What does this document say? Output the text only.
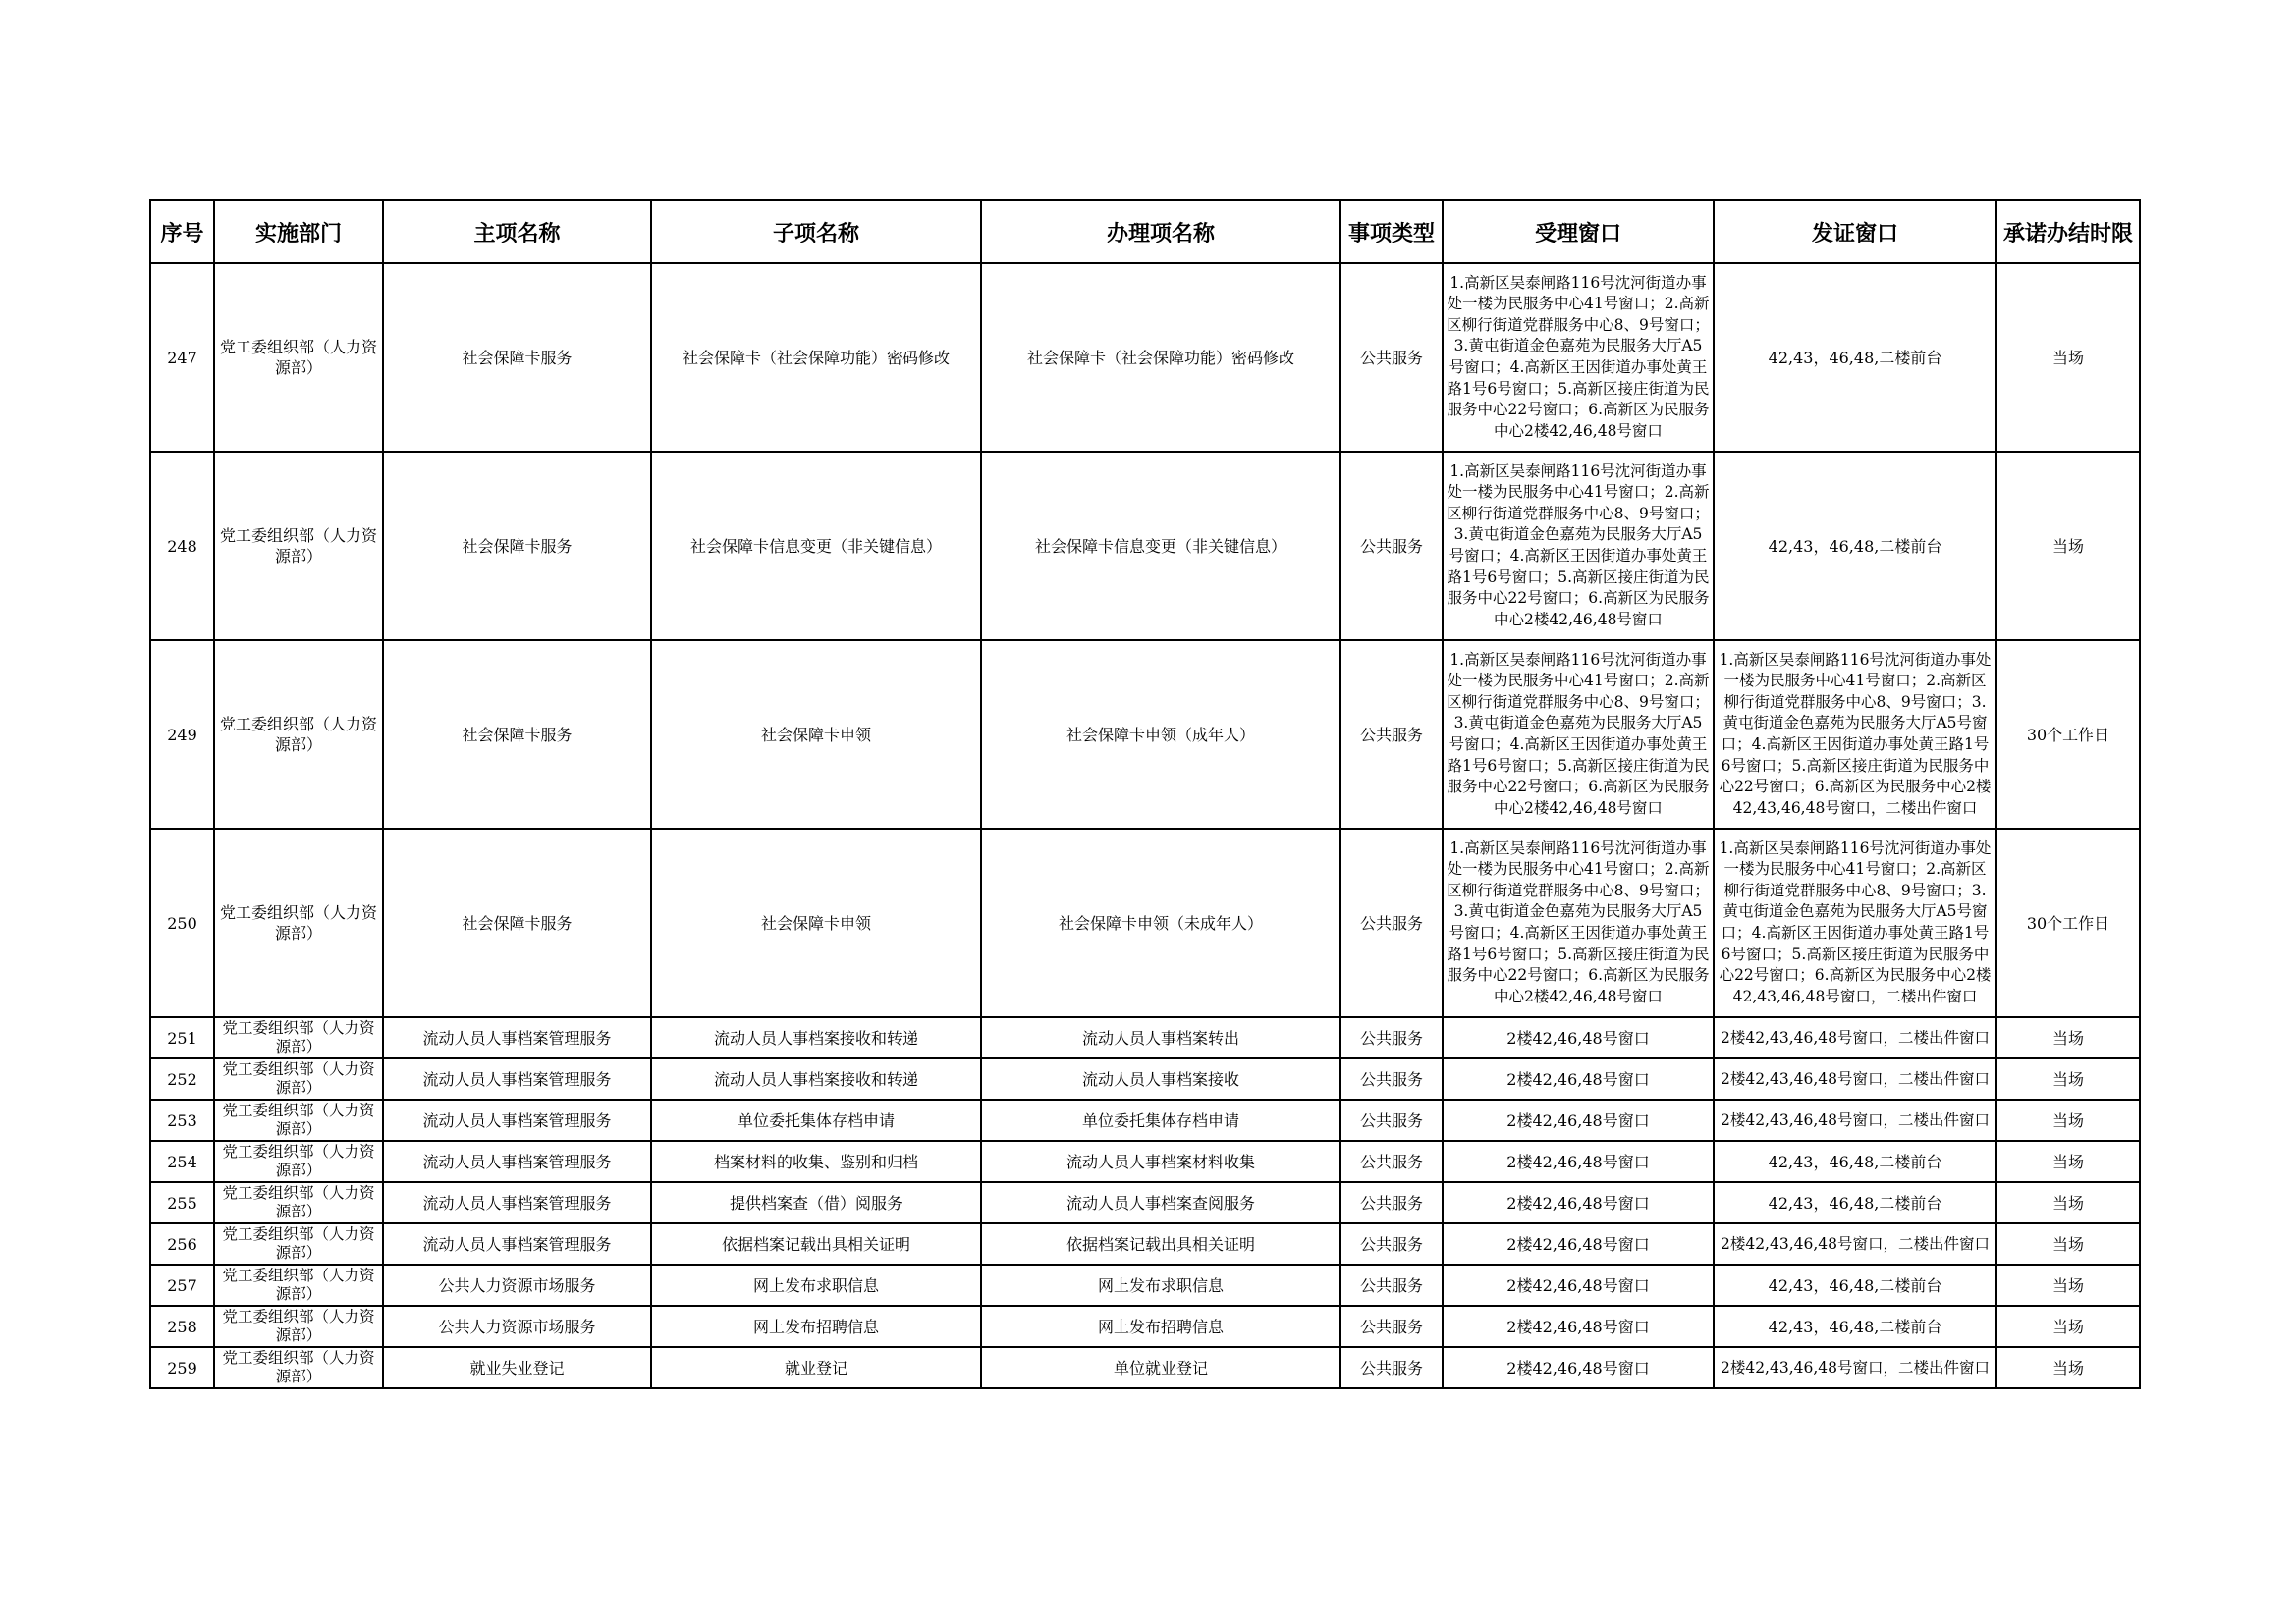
序号	实施部门	主项名称	子项名称	办理项名称	事项类型	受理窗口	发证窗口	承诺办结时限
247	党工委组织部（人力资源部）	社会保障卡服务	社会保障卡（社会保障功能）密码修改	社会保障卡（社会保障功能）密码修改	公共服务	1.高新区吴泰闸路116号沈河街道办事处一楼为民服务中心41号窗口；2.高新区柳行街道党群服务中心8、9号窗口；3.黄屯街道金色嘉苑为民服务大厅A5号窗口；4.高新区王因街道办事处黄王路1号6号窗口；5.高新区接庄街道为民服务中心22号窗口；6.高新区为民服务中心2楼42,46,48号窗口	42,43，46,48,二楼前台	当场
248	党工委组织部（人力资源部）	社会保障卡服务	社会保障卡信息变更（非关键信息）	社会保障卡信息变更（非关键信息）	公共服务	1.高新区吴泰闸路116号沈河街道办事处一楼为民服务中心41号窗口；2.高新区柳行街道党群服务中心8、9号窗口；3.黄屯街道金色嘉苑为民服务大厅A5号窗口；4.高新区王因街道办事处黄王路1号6号窗口；5.高新区接庄街道为民服务中心22号窗口；6.高新区为民服务中心2楼42,46,48号窗口	42,43，46,48,二楼前台	当场
249	党工委组织部（人力资源部）	社会保障卡服务	社会保障卡申领	社会保障卡申领（成年人）	公共服务	1.高新区吴泰闸路116号沈河街道办事处一楼为民服务中心41号窗口；2.高新区柳行街道党群服务中心8、9号窗口；3.黄屯街道金色嘉苑为民服务大厅A5号窗口；4.高新区王因街道办事处黄王路1号6号窗口；5.高新区接庄街道为民服务中心22号窗口；6.高新区为民服务中心2楼42,46,48号窗口	1.高新区吴泰闸路116号沈河街道办事处一楼为民服务中心41号窗口；2.高新区柳行街道党群服务中心8、9号窗口；3.黄屯街道金色嘉苑为民服务大厅A5号窗口；4.高新区王因街道办事处黄王路1号6号窗口；5.高新区接庄街道为民服务中心22号窗口；6.高新区为民服务中心2楼42,43,46,48号窗口，二楼出件窗口	30个工作日
250	党工委组织部（人力资源部）	社会保障卡服务	社会保障卡申领	社会保障卡申领（未成年人）	公共服务	1.高新区吴泰闸路116号沈河街道办事处一楼为民服务中心41号窗口；2.高新区柳行街道党群服务中心8、9号窗口；3.黄屯街道金色嘉苑为民服务大厅A5号窗口；4.高新区王因街道办事处黄王路1号6号窗口；5.高新区接庄街道为民服务中心22号窗口；6.高新区为民服务中心2楼42,46,48号窗口	1.高新区吴泰闸路116号沈河街道办事处一楼为民服务中心41号窗口；2.高新区柳行街道党群服务中心8、9号窗口；3.黄屯街道金色嘉苑为民服务大厅A5号窗口；4.高新区王因街道办事处黄王路1号6号窗口；5.高新区接庄街道为民服务中心22号窗口；6.高新区为民服务中心2楼42,43,46,48号窗口，二楼出件窗口	30个工作日
251	党工委组织部（人力资源部）	流动人员人事档案管理服务	流动人员人事档案接收和转递	流动人员人事档案转出	公共服务	2楼42,46,48号窗口	2楼42,43,46,48号窗口，二楼出件窗口	当场
252	党工委组织部（人力资源部）	流动人员人事档案管理服务	流动人员人事档案接收和转递	流动人员人事档案接收	公共服务	2楼42,46,48号窗口	2楼42,43,46,48号窗口，二楼出件窗口	当场
253	党工委组织部（人力资源部）	流动人员人事档案管理服务	单位委托集体存档申请	单位委托集体存档申请	公共服务	2楼42,46,48号窗口	2楼42,43,46,48号窗口，二楼出件窗口	当场
254	党工委组织部（人力资源部）	流动人员人事档案管理服务	档案材料的收集、鉴别和归档	流动人员人事档案材料收集	公共服务	2楼42,46,48号窗口	42,43，46,48,二楼前台	当场
255	党工委组织部（人力资源部）	流动人员人事档案管理服务	提供档案查（借）阅服务	流动人员人事档案查阅服务	公共服务	2楼42,46,48号窗口	42,43，46,48,二楼前台	当场
256	党工委组织部（人力资源部）	流动人员人事档案管理服务	依据档案记载出具相关证明	依据档案记载出具相关证明	公共服务	2楼42,46,48号窗口	2楼42,43,46,48号窗口，二楼出件窗口	当场
257	党工委组织部（人力资源部）	公共人力资源市场服务	网上发布求职信息	网上发布求职信息	公共服务	2楼42,46,48号窗口	42,43，46,48,二楼前台	当场
258	党工委组织部（人力资源部）	公共人力资源市场服务	网上发布招聘信息	网上发布招聘信息	公共服务	2楼42,46,48号窗口	42,43，46,48,二楼前台	当场
259	党工委组织部（人力资源部）	就业失业登记	就业登记	单位就业登记	公共服务	2楼42,46,48号窗口	2楼42,43,46,48号窗口，二楼出件窗口	当场
